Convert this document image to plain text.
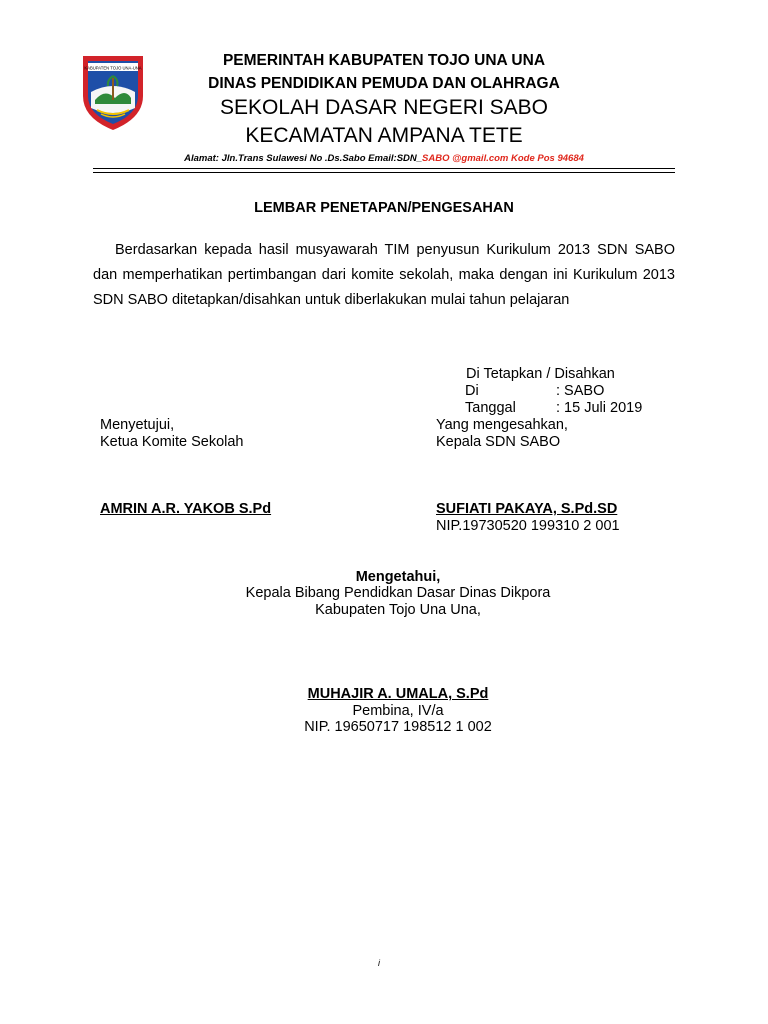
KABUPATEN TOJO UNA-UNA	PEMERINTAH KABUPATEN TOJO UNA UNA
DINAS PENDIDIKAN PEMUDA DAN OLAHRAGA
SEKOLAH DASAR NEGERI SABO
KECAMATAN AMPANA TETE
Alamat: Jln.Trans Sulawesi No .Ds.Sabo Email:SDN_SABO @gmail.com Kode Pos 94684
LEMBAR PENETAPAN/PENGESAHAN
Berdasarkan kepada hasil musyawarah TIM penyusun Kurikulum 2013 SDN SABO dan memperhatikan pertimbangan dari komite sekolah, maka dengan ini Kurikulum 2013 SDN SABO ditetapkan/disahkan untuk diberlakukan mulai tahun pelajaran
Di Tetapkan / Disahkan
Di	: SABO
Tanggal	: 15 Juli 2019
Menyetujui,
Ketua Komite Sekolah
AMRIN A.R. YAKOB S.Pd
Yang mengesahkan,
Kepala SDN SABO
SUFIATI PAKAYA, S.Pd.SD
NIP.19730520 199310 2 001
Mengetahui,
Kepala Bibang Pendidkan Dasar Dinas Dikpora
Kabupaten Tojo Una Una,
MUHAJIR A. UMALA, S.Pd
Pembina, IV/a
NIP. 19650717 198512 1 002
i
